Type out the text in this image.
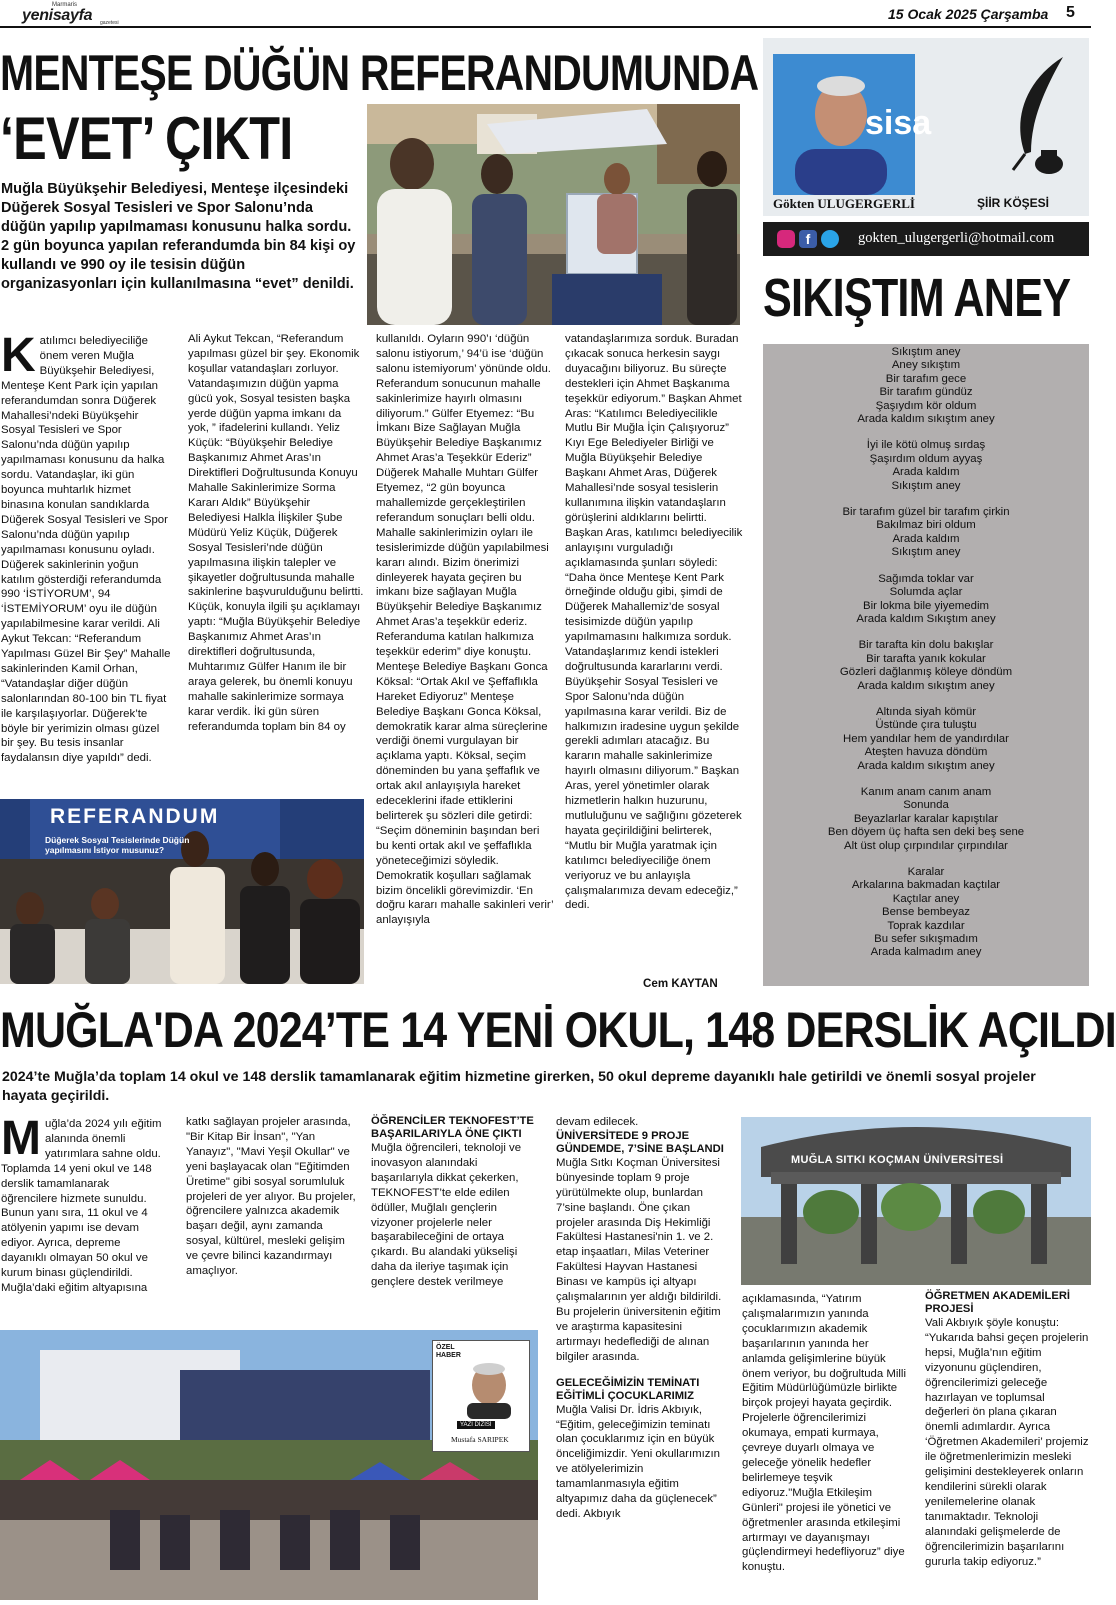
Marmaris
yenisayfa gazetesi
15 Ocak 2025 Çarşamba 5
MENTEŞE DÜĞÜN REFERANDUMUNDA
‘EVET’ ÇIKTI
Muğla Büyükşehir Belediyesi, Menteşe ilçesindeki Düğerek Sosyal Tesisleri ve Spor Salonu’nda düğün yapılıp yapılmaması konusunu halka sordu. 2 gün boyunca yapılan referandumda bin 84 kişi oy kullandı ve 990 oy ile tesisin düğün organizasyonları için kullanılmasına “evet” denildi.
Katılımcı belediyeciliğe önem veren Muğla Büyükşehir Belediyesi, Menteşe Kent Park için yapılan referandumdan sonra Düğerek Mahallesi’ndeki Büyükşehir Sosyal Tesisleri ve Spor Salonu’nda düğün yapılıp yapılmaması konusunu da halka sordu. Vatandaşlar, iki gün boyunca muhtarlık hizmet binasına konulan sandıklarda Düğerek Sosyal Tesisleri ve Spor Salonu’nda düğün yapılıp yapılmaması konusunu oyladı. Düğerek sakinlerinin yoğun katılım gösterdiği referandumda 990 ‘İSTİYORUM’, 94 ‘İSTEMİYORUM’ oyu ile düğün yapılabilmesine karar verildi. Ali Aykut Tekcan: “Referandum Yapılması Güzel Bir Şey” Mahalle sakinlerinden Kamil Orhan, “Vatandaşlar diğer düğün salonlarından 80-100 bin TL fiyat ile karşılaşıyorlar. Düğerek’te böyle bir yerimizin olması güzel bir şey. Bu tesis insanlar faydalansın diye yapıldı” dedi.
Ali Aykut Tekcan, “Referandum yapılması güzel bir şey. Ekonomik koşullar vatandaşları zorluyor. Vatandaşımızın düğün yapma gücü yok, Sosyal tesisten başka yerde düğün yapma imkanı da yok, ” ifadelerini kullandı. Yeliz Küçük: “Büyükşehir Belediye Başkanımız Ahmet Aras’ın Direktifleri Doğrultusunda Konuyu Mahalle Sakinlerimize Sorma Kararı Aldık” Büyükşehir Belediyesi Halkla İlişkiler Şube Müdürü Yeliz Küçük, Düğerek Sosyal Tesisleri’nde düğün yapılmasına ilişkin talepler ve şikayetler doğrultusunda mahalle sakinlerine başvurulduğunu belirtti. Küçük, konuyla ilgili şu açıklamayı yaptı: “Muğla Büyükşehir Belediye Başkanımız Ahmet Aras’ın direktifleri doğrultusunda, Muhtarımız Gülfer Hanım ile bir araya gelerek, bu önemli konuyu mahalle sakinlerimize sormaya karar verdik. İki gün süren referandumda toplam bin 84 oy
kullanıldı. Oyların 990’ı ‘düğün salonu istiyorum,’ 94’ü ise ‘düğün salonu istemiyorum’ yönünde oldu. Referandum sonucunun mahalle sakinlerimize hayırlı olmasını diliyorum.” Gülfer Etyemez: “Bu İmkanı Bize Sağlayan Muğla Büyükşehir Belediye Başkanımız Ahmet Aras’a Teşekkür Ederiz” Düğerek Mahalle Muhtarı Gülfer Etyemez, “2 gün boyunca mahallemizde gerçekleştirilen referandum sonuçları belli oldu. Mahalle sakinlerimizin oyları ile tesislerimizde düğün yapılabilmesi kararı alındı. Bizim önerimizi dinleyerek hayata geçiren bu imkanı bize sağlayan Muğla Büyükşehir Belediye Başkanımız Ahmet Aras’a teşekkür ederiz. Referanduma katılan halkımıza teşekkür ederim” diye konuştu. Menteşe Belediye Başkanı Gonca Köksal: “Ortak Akıl ve Şeffaflıkla Hareket Ediyoruz” Menteşe Belediye Başkanı Gonca Köksal, demokratik karar alma süreçlerine verdiği önemi vurgulayan bir açıklama yaptı. Köksal, seçim döneminden bu yana şeffaflık ve ortak akıl anlayışıyla hareket edeceklerini ifade ettiklerini belirterek şu sözleri dile getirdi: “Seçim döneminin başından beri bu kenti ortak akıl ve şeffaflıkla yöneteceğimizi söyledik. Demokratik koşulları sağlamak bizim öncelikli görevimizdir. ‘En doğru kararı mahalle sakinleri verir’ anlayışıyla
vatandaşlarımıza sorduk. Buradan çıkacak sonuca herkesin saygı duyacağını biliyoruz. Bu süreçte destekleri için Ahmet Başkanıma teşekkür ediyorum.” Başkan Ahmet Aras: “Katılımcı Belediyecilikle Mutlu Bir Muğla İçin Çalışıyoruz” Kıyı Ege Belediyeler Birliği ve Muğla Büyükşehir Belediye Başkanı Ahmet Aras, Düğerek Mahallesi’nde sosyal tesislerin kullanımına ilişkin vatandaşların görüşlerini aldıklarını belirtti. Başkan Aras, katılımcı belediyecilik anlayışını vurguladığı açıklamasında şunları söyledi: “Daha önce Menteşe Kent Park örneğinde olduğu gibi, şimdi de Düğerek Mahallemiz’de sosyal tesisimizde düğün yapılıp yapılmamasını halkımıza sorduk. Vatandaşlarımız kendi istekleri doğrultusunda kararlarını verdi. Büyükşehir Sosyal Tesisleri ve Spor Salonu’nda düğün yapılmasına karar verildi. Biz de halkımızın iradesine uygun şekilde gerekli adımları atacağız. Bu kararın mahalle sakinlerimize hayırlı olmasını diliyorum.” Başkan Aras, yerel yönetimler olarak hizmetlerin halkın huzurunu, mutluluğunu ve sağlığını gözeterek hayata geçirildiğini belirterek, “Mutlu bir Muğla yaratmak için katılımcı belediyeciliğe önem veriyoruz ve bu anlayışla çalışmalarımıza devam edeceğiz,” dedi.
Cem KAYTAN
REFERANDUM
Düğerek Sosyal Tesislerinde Düğün yapılmasını İstiyor musunuz?
sisa
Gökten ULUGERGERLİ	ŞİİR KÖŞESİ
f	gokten_ulugergerli@hotmail.com
SIKIŞTIM ANEY
Sıkıştım aney
Aney sıkıştım
Bir tarafım gece
Bir tarafım gündüz
Şaşıydım kör oldum
Arada kaldım sıkıştım aney
İyi ile kötü olmuş sırdaş
Şaşırdım oldum ayyaş
Arada kaldım
Sıkıştım aney
Bir tarafım güzel bir tarafım çirkin
Bakılmaz biri oldum
Arada kaldım
Sıkıştım aney
Sağımda toklar var
Solumda açlar
Bir lokma bile yiyemedim
Arada kaldım Sıkıştım aney
Bir tarafta kin dolu bakışlar
Bir tarafta yanık kokular
Gözleri dağlanmış köleye döndüm
Arada kaldım sıkıştım aney
Altında siyah kömür
Üstünde çıra tuluştu
Hem yandılar hem de yandırdılar
Ateşten havuza döndüm
Arada kaldım sıkıştım aney
Kanım anam canım anam
Sonunda
Beyazlarlar karalar kapıştılar
Ben döyem üç hafta sen deki beş sene
Alt üst olup çırpındılar çırpındılar
Karalar
Arkalarına bakmadan kaçtılar
Kaçtılar aney
Bense bembeyaz
Toprak kazdılar
Bu sefer sıkışmadım
Arada kalmadım aney
MUĞLA'DA 2024’TE 14 YENİ OKUL, 148 DERSLİK AÇILDI
2024’te Muğla’da toplam 14 okul ve 148 derslik tamamlanarak eğitim hizmetine girerken, 50 okul depreme dayanıklı hale getirildi ve önemli sosyal projeler hayata geçirildi.
Muğla’da 2024 yılı eğitim alanında önemli yatırımlara sahne oldu. Toplamda 14 yeni okul ve 148 derslik tamamlanarak öğrencilere hizmete sunuldu. Bunun yanı sıra, 11 okul ve 4 atölyenin yapımı ise devam ediyor. Ayrıca, depreme dayanıklı olmayan 50 okul ve kurum binası güçlendirildi. Muğla’daki eğitim altyapısına
katkı sağlayan projeler arasında, "Bir Kitap Bir İnsan", "Yan Yanayız", "Mavi Yeşil Okullar" ve yeni başlayacak olan "Eğitimden Üretime" gibi sosyal sorumluluk projeleri de yer alıyor. Bu projeler, öğrencilere yalnızca akademik başarı değil, aynı zamanda sosyal, kültürel, mesleki gelişim ve çevre bilinci kazandırmayı amaçlıyor.
ÖĞRENCİLER TEKNOFEST’TE BAŞARILARIYLA ÖNE ÇIKTI
Muğla öğrencileri, teknoloji ve inovasyon alanındaki başarılarıyla dikkat çekerken, TEKNOFEST’te elde edilen ödüller, Muğlalı gençlerin vizyoner projelerle neler başarabileceğini de ortaya çıkardı. Bu alandaki yükselişi daha da ileriye taşımak için gençlere destek verilmeye
devam edilecek.
ÜNİVERSİTEDE 9 PROJE GÜNDEMDE, 7’SİNE BAŞLANDI
Muğla Sıtkı Koçman Üniversitesi bünyesinde toplam 9 proje yürütülmekte olup, bunlardan 7’sine başlandı. Öne çıkan projeler arasında Diş Hekimliği Fakültesi Hastanesi'nin 1. ve 2. etap inşaatları, Milas Veteriner Fakültesi Hayvan Hastanesi Binası ve kampüs içi altyapı çalışmalarının yer aldığı bildirildi. Bu projelerin üniversitenin eğitim ve araştırma kapasitesini artırmayı hedeflediği de alınan bilgiler arasında.
GELECEĞİMİZİN TEMİNATI EĞİTİMLİ ÇOCUKLARIMIZ
Muğla Valisi Dr. İdris Akbıyık, “Eğitim, geleceğimizin teminatı olan çocuklarımız için en büyük önceliğimizdir. Yeni okullarımızın ve atölyelerimizin tamamlanmasıyla eğitim altyapımız daha da güçlenecek” dedi. Akbıyık
açıklamasında, “Yatırım çalışmalarımızın yanında çocuklarımızın akademik başarılarının yanında her anlamda gelişimlerine büyük önem veriyor, bu doğrultuda Milli Eğitim Müdürlüğümüzle birlikte birçok projeyi hayata geçirdik. Projelerle öğrencilerimizi okumaya, empati kurmaya, çevreye duyarlı olmaya ve geleceğe yönelik hedefler belirlemeye teşvik ediyoruz."Muğla Etkileşim Günleri" projesi ile yönetici ve öğretmenler arasında etkileşimi artırmayı ve dayanışmayı güçlendirmeyi hedefliyoruz” diye konuştu.
ÖĞRETMEN AKADEMİLERİ PROJESİ
Vali Akbıyık şöyle konuştu: “Yukarıda bahsi geçen projelerin hepsi, Muğla’nın eğitim vizyonunu güçlendiren, öğrencilerimizi geleceğe hazırlayan ve toplumsal değerleri ön plana çıkaran önemli adımlardır. Ayrıca ‘Öğretmen Akademileri’ projemiz ile öğretmenlerimizin mesleki gelişimini destekleyerek onların kendilerini sürekli olarak yenilemelerine olanak tanımaktadır. Teknoloji alanındaki gelişmelerde de öğrencilerimizin başarılarını gururla takip ediyoruz.”
MUĞLA SITKI KOÇMAN ÜNİVERSİTESİ
ÖZEL HABER
YAZI DİZİSİ
Mustafa SARIPEK
